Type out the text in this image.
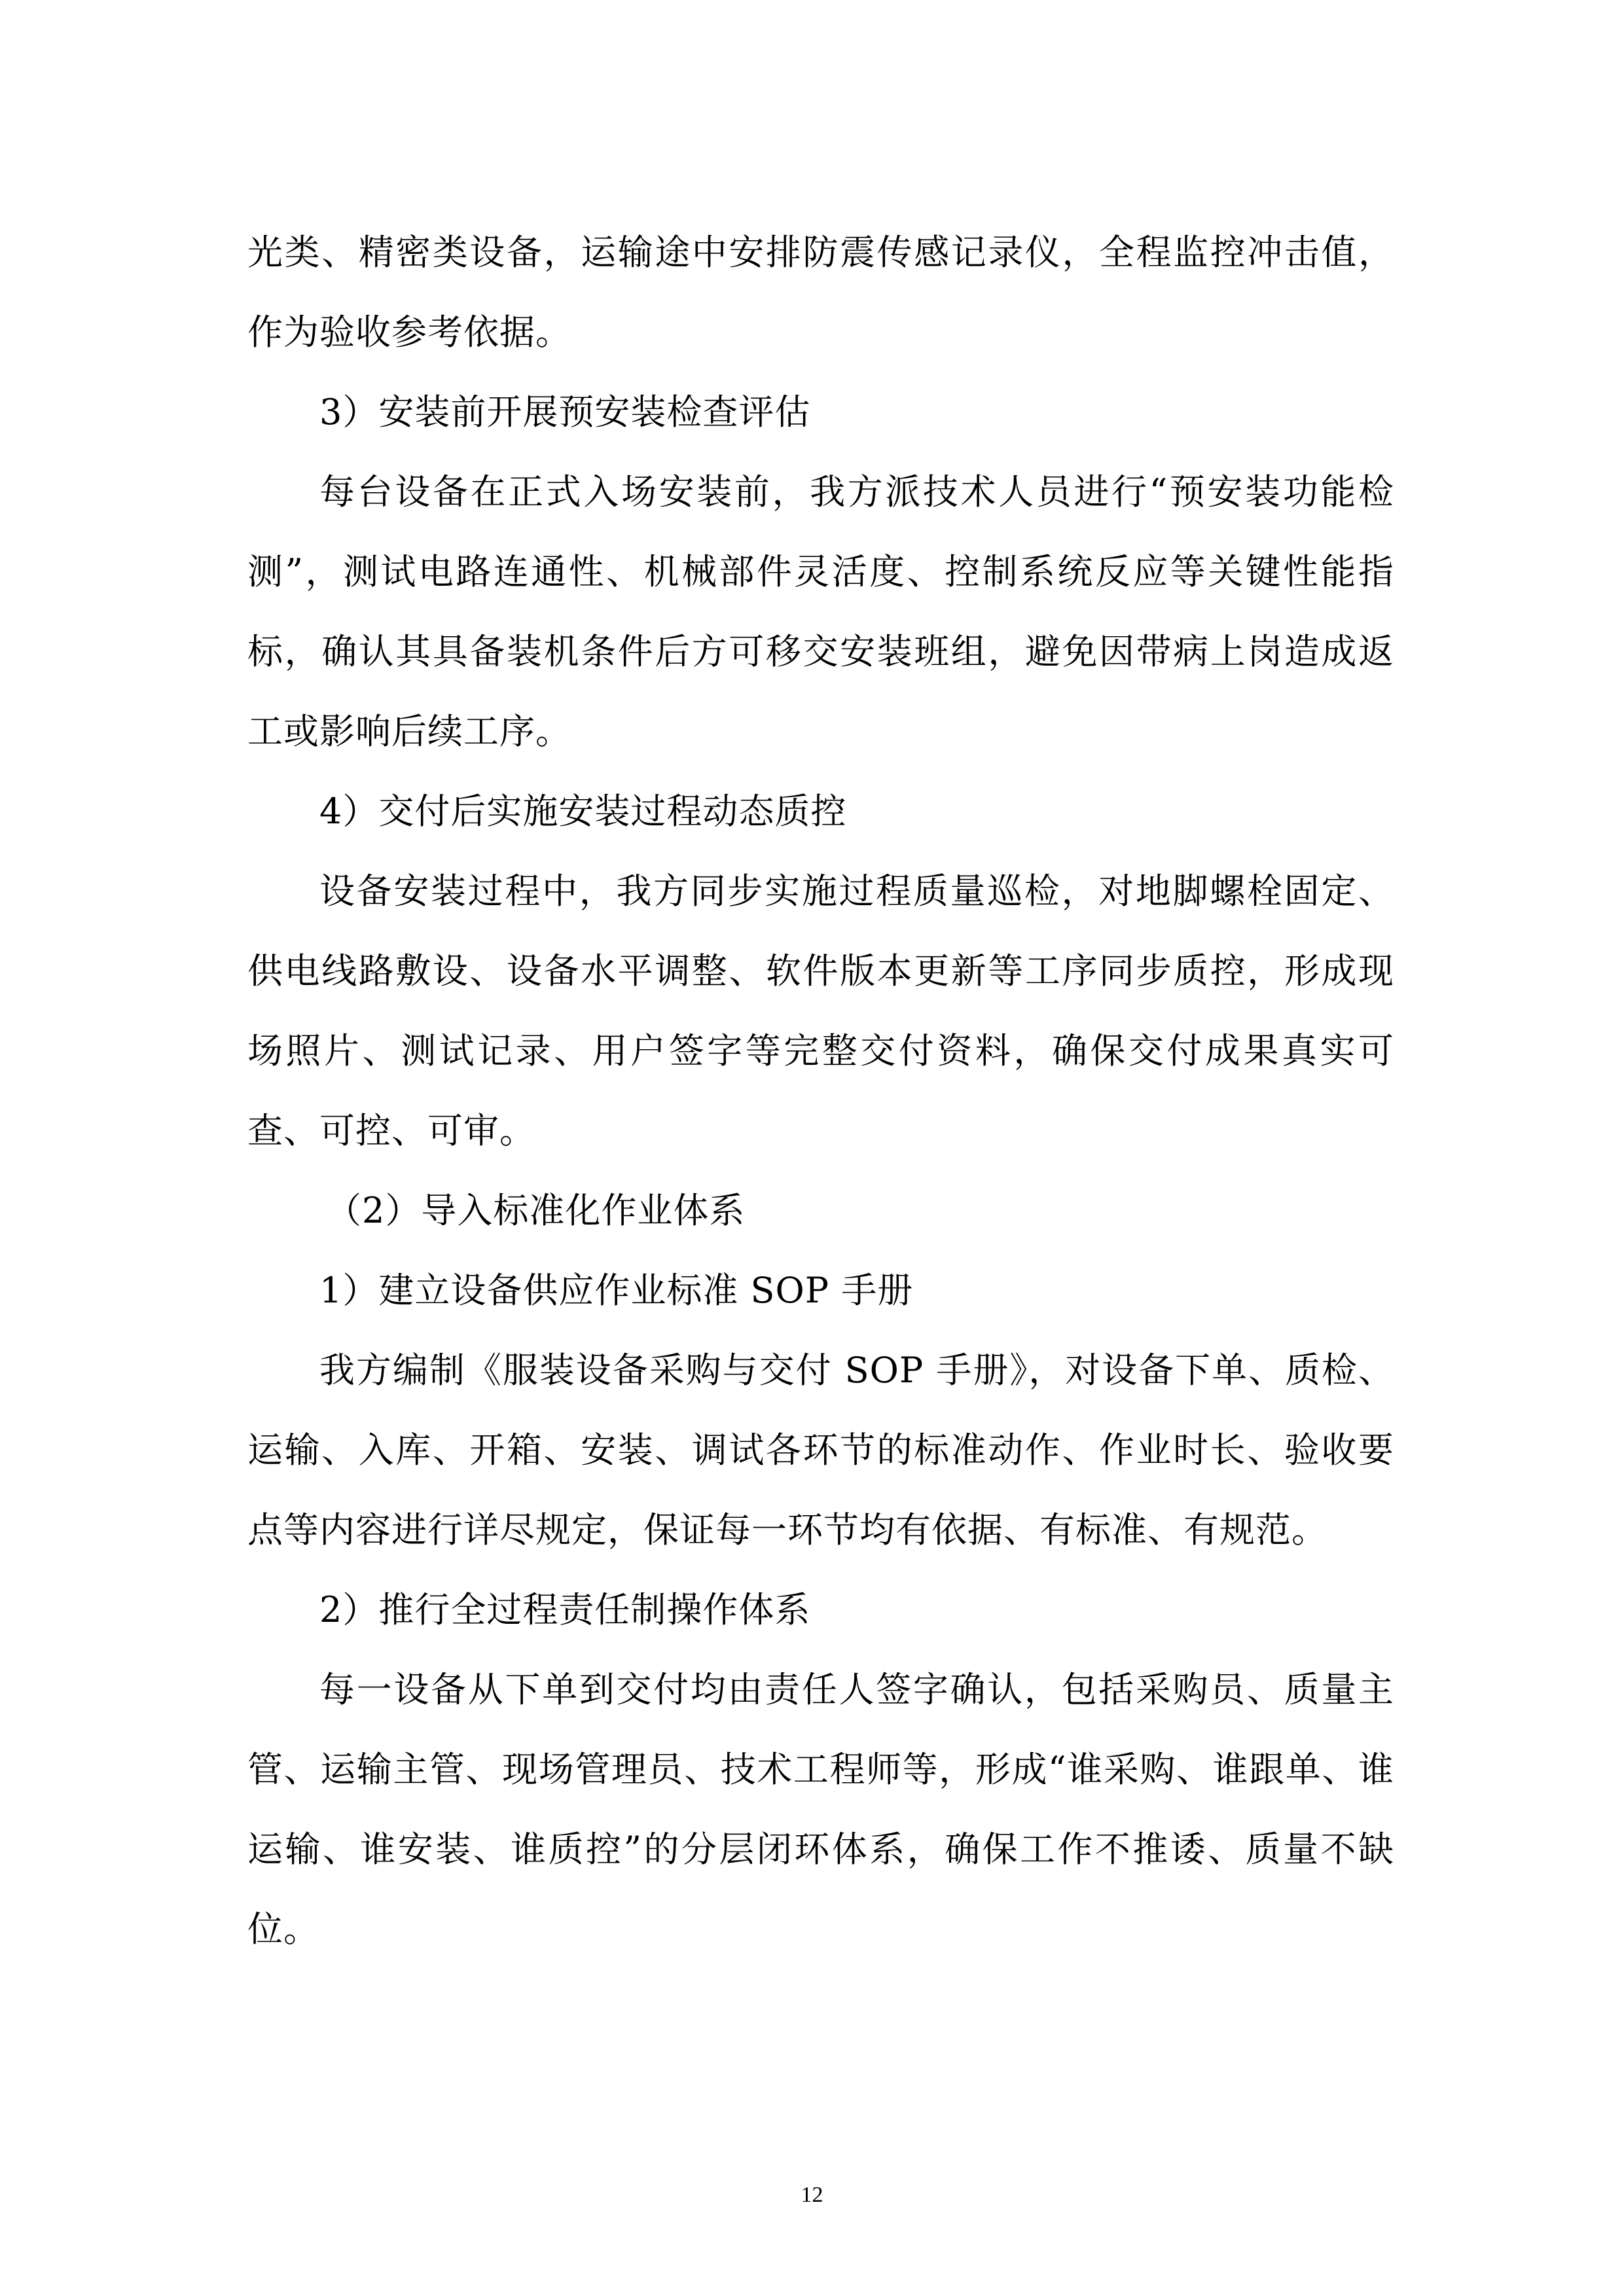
光类、精密类设备，运输途中安排防震传感记录仪，全程监控冲击值，作为验收参考依据。

3）安装前开展预安装检查评估

每台设备在正式入场安装前，我方派技术人员进行“预安装功能检测”，测试电路连通性、机械部件灵活度、控制系统反应等关键性能指标，确认其具备装机条件后方可移交安装班组，避免因带病上岗造成返工或影响后续工序。

4）交付后实施安装过程动态质控

设备安装过程中，我方同步实施过程质量巡检，对地脚螺栓固定、供电线路敷设、设备水平调整、软件版本更新等工序同步质控，形成现场照片、测试记录、用户签字等完整交付资料，确保交付成果真实可查、可控、可审。

（2）导入标准化作业体系

1）建立设备供应作业标准 SOP 手册

我方编制《服装设备采购与交付 SOP 手册》，对设备下单、质检、运输、入库、开箱、安装、调试各环节的标准动作、作业时长、验收要点等内容进行详尽规定，保证每一环节均有依据、有标准、有规范。

2）推行全过程责任制操作体系

每一设备从下单到交付均由责任人签字确认，包括采购员、质量主管、运输主管、现场管理员、技术工程师等，形成“谁采购、谁跟单、谁运输、谁安装、谁质控”的分层闭环体系，确保工作不推诿、质量不缺位。

12
